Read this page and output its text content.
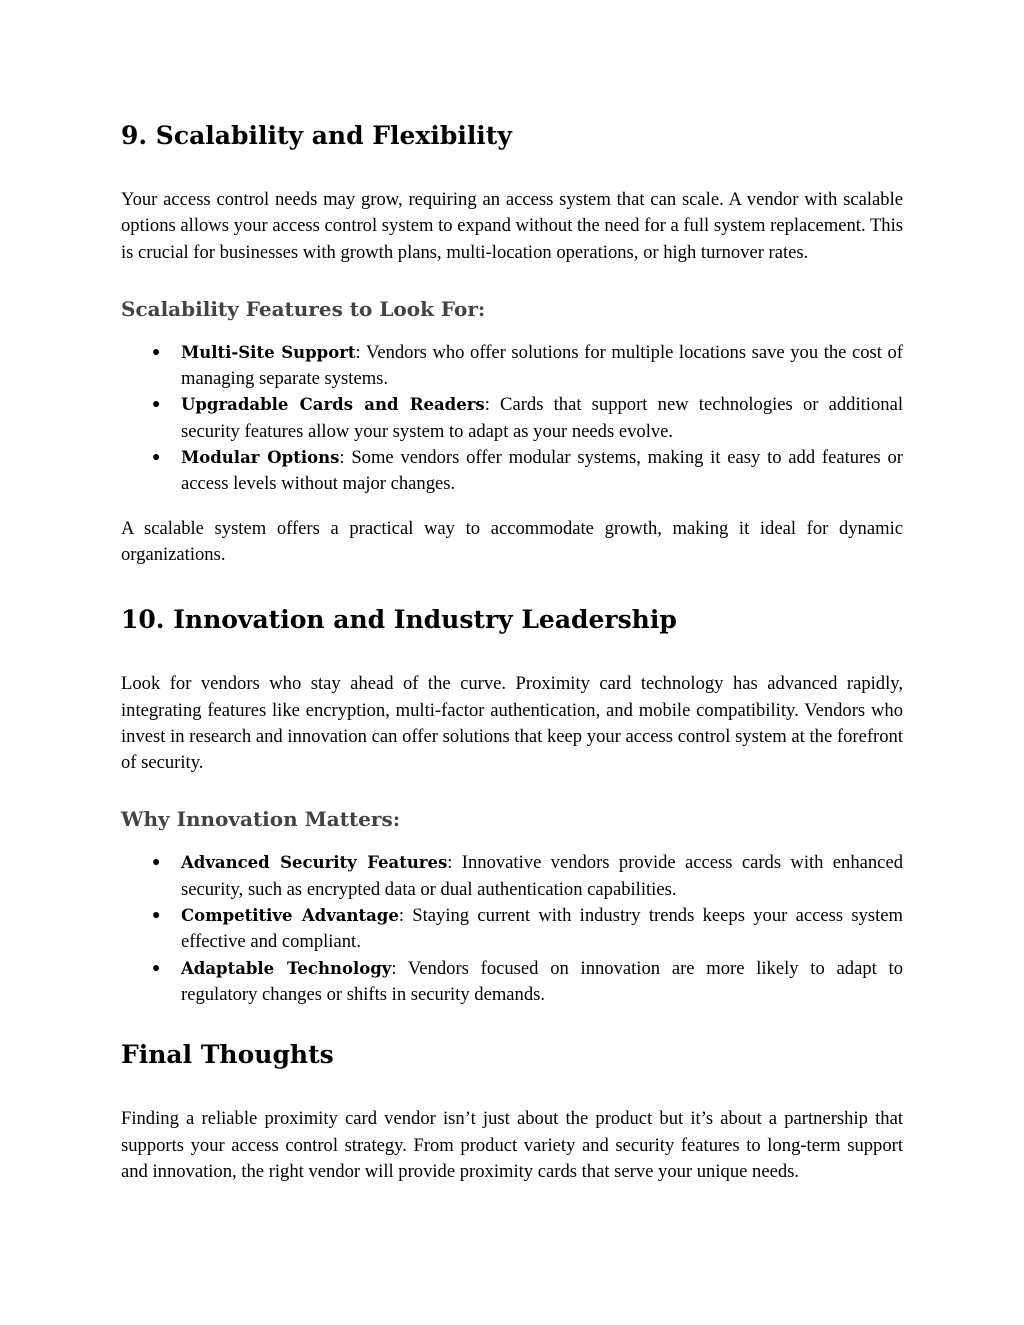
9. Scalability and Flexibility

Your access control needs may grow, requiring an access system that can scale. A vendor with scalable options allows your access control system to expand without the need for a full system replacement. This is crucial for businesses with growth plans, multi-location operations, or high turnover rates.

Scalability Features to Look For:
● Multi-Site Support: Vendors who offer solutions for multiple locations save you the cost of managing separate systems.
● Upgradable Cards and Readers: Cards that support new technologies or additional security features allow your system to adapt as your needs evolve.
● Modular Options: Some vendors offer modular systems, making it easy to add features or access levels without major changes.

A scalable system offers a practical way to accommodate growth, making it ideal for dynamic organizations.

10. Innovation and Industry Leadership

Look for vendors who stay ahead of the curve. Proximity card technology has advanced rapidly, integrating features like encryption, multi-factor authentication, and mobile compatibility. Vendors who invest in research and innovation can offer solutions that keep your access control system at the forefront of security.

Why Innovation Matters:
● Advanced Security Features: Innovative vendors provide access cards with enhanced security, such as encrypted data or dual authentication capabilities.
● Competitive Advantage: Staying current with industry trends keeps your access system effective and compliant.
● Adaptable Technology: Vendors focused on innovation are more likely to adapt to regulatory changes or shifts in security demands.
Final Thoughts

Finding a reliable proximity card vendor isn’t just about the product but it’s about a partnership that supports your access control strategy. From product variety and security features to long-term support and innovation, the right vendor will provide proximity cards that serve your unique needs.
